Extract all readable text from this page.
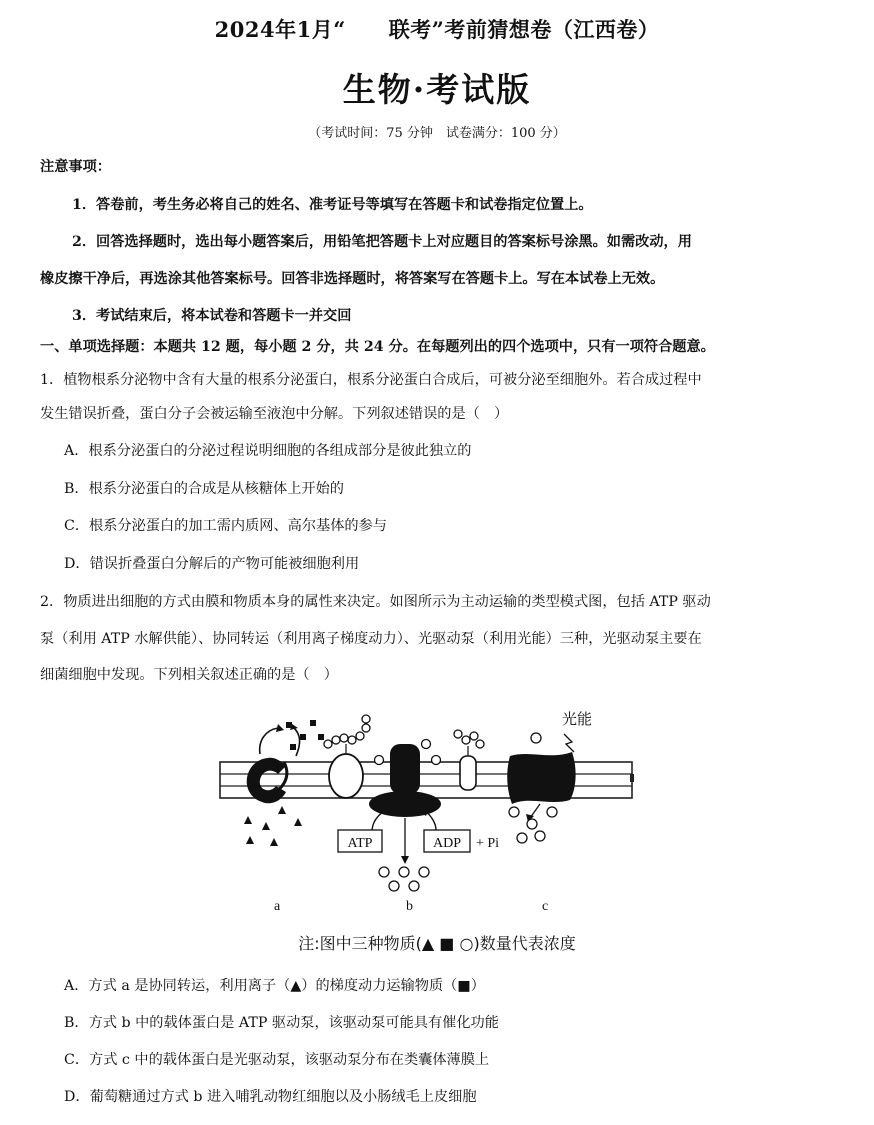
2024年1月“　　联考”考前猜想卷（江西卷）
生物·考试版
（考试时间：75 分钟　试卷满分：100 分）
注意事项：
1．答卷前，考生务必将自己的姓名、准考证号等填写在答题卡和试卷指定位置上。
2．回答选择题时，选出每小题答案后，用铅笔把答题卡上对应题目的答案标号涂黑。如需改动，用
橡皮擦干净后，再选涂其他答案标号。回答非选择题时，将答案写在答题卡上。写在本试卷上无效。
3．考试结束后，将本试卷和答题卡一并交回
一、单项选择题：本题共 12 题，每小题 2 分，共 24 分。在每题列出的四个选项中，只有一项符合题意。
1．植物根系分泌物中含有大量的根系分泌蛋白，根系分泌蛋白合成后，可被分泌至细胞外。若合成过程中
发生错误折叠，蛋白分子会被运输至液泡中分解。下列叙述错误的是（　）
A．根系分泌蛋白的分泌过程说明细胞的各组成部分是彼此独立的
B．根系分泌蛋白的合成是从核糖体上开始的
C．根系分泌蛋白的加工需内质网、高尔基体的参与
D．错误折叠蛋白分解后的产物可能被细胞利用
2．物质进出细胞的方式由膜和物质本身的属性来决定。如图所示为主动运输的类型模式图，包括 ATP 驱动
泵（利用 ATP 水解供能）、协同转运（利用离子梯度动力）、光驱动泵（利用光能）三种，光驱动泵主要在
细菌细胞中发现。下列相关叙述正确的是（　）
ATP	ADP + Pi
光能
a	b	c
注:图中三种物质(▲ ■ ○)数量代表浓度
A．方式 a 是协同转运，利用离子（▲）的梯度动力运输物质（■）
B．方式 b 中的载体蛋白是 ATP 驱动泵，该驱动泵可能具有催化功能
C．方式 c 中的载体蛋白是光驱动泵，该驱动泵分布在类囊体薄膜上
D．葡萄糖通过方式 b 进入哺乳动物红细胞以及小肠绒毛上皮细胞
